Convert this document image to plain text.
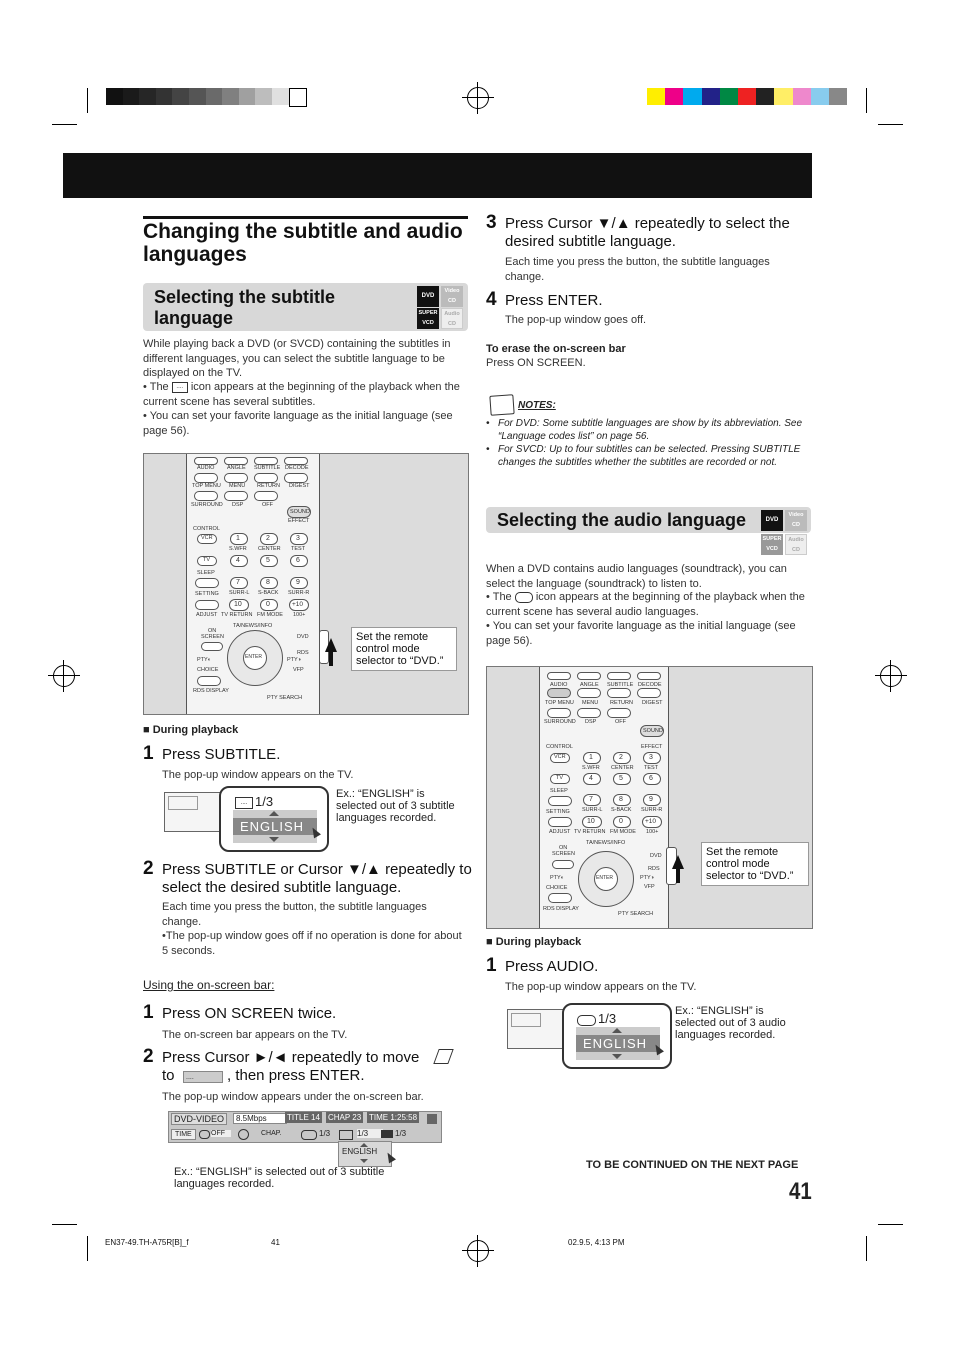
Changing the subtitle and audio languages
Selecting the subtitle
language
DVD
Video CD
SUPER VCD
Audio CD
While playing back a DVD (or SVCD) containing the subtitles in different languages, you can select the subtitle language to be displayed on the TV.
• The .... icon appears at the beginning of the playback when the current scene has several subtitles.
• You can set your favorite language as the initial language (see page 56).
AUDIO ANGLE SUBTITLE DECODE
TOP MENU MENU RETURN DIGEST
SURROUND DSP	OFF
SOUND
CONTROL
EFFECT
VCR
TV
1	2	3
S.WFR CENTER TEST
4	5	6
SLEEP
7	8	9
SETTING SURR-L S-BACK SURR-R
10	0	+10
ADJUST TV RETURN FM MODE 100+
TA/NEWS/INFO
ON
SCREEN
ENTER
PTY◐	PTY◑
DVD
RDS
CHOICE	VFP
RDS DISPLAY
PTY SEARCH
Set the remote control mode selector to “DVD.”
■ During playback
1 Press SUBTITLE.
The pop-up window appears on the TV.
.... 1/3
ENGLISH
Ex.: “ENGLISH” is selected out of 3 subtitle languages recorded.
2 Press SUBTITLE or Cursor ▼/▲ repeatedly to select the desired subtitle language.
Each time you press the button, the subtitle languages change.
•The pop-up window goes off if no operation is done for about 5 seconds.
Using the on-screen bar:
1 Press ON SCREEN twice.
The on-screen bar appears on the TV.
2 Press Cursor ►/◄ repeatedly to move
to	....	, then press ENTER.
The pop-up window appears under the on-screen bar.
DVD-VIDEO	8.5Mbps	TITLE 14 CHAP 23 TIME 1:25:58
TIME	OFF	CHAP.	1/3	1/3	1/3
ENGLISH
Ex.: “ENGLISH” is selected out of 3 subtitle languages recorded.
3 Press Cursor ▼/▲ repeatedly to select the desired subtitle language.
Each time you press the button, the subtitle languages change.
4 Press ENTER.
The pop-up window goes off.
To erase the on-screen bar
Press ON SCREEN.
NOTES:
• For DVD: Some subtitle languages are show by its abbreviation. See “Language codes list” on page 56.
• For SVCD: Up to four subtitles can be selected. Pressing SUBTITLE changes the subtitles whether the subtitles are recorded or not.
Selecting the audio language	DVD
Video CD
SUPER VCD
Audio CD
When a DVD contains audio languages (soundtrack), you can select the language (soundtrack) to listen to.
• The icon appears at the beginning of the playback when the current scene has several audio languages.
• You can set your favorite language as the initial language (see page 56).
AUDIO ANGLE SUBTITLE DECODE
TOP MENU MENU RETURN DIGEST
SURROUND DSP	OFF
SOUND
CONTROL	EFFECT
VCR
TV
1	2	3
S.WFR CENTER TEST
4	5	6
SLEEP
7	8	9
SETTING SURR-L S-BACK SURR-R
10	0	+10
ADJUST TV RETURN FM MODE 100+
TA/NEWS/INFO
ON
SCREEN
ENTER
PTY◐	PTY◑
DVD
RDS
CHOICE	VFP
RDS DISPLAY
PTY SEARCH
Set the remote control mode selector to “DVD.”
■ During playback
1 Press AUDIO.
The pop-up window appears on the TV.
1/3
ENGLISH
Ex.: “ENGLISH” is selected out of 3 audio languages recorded.
TO BE CONTINUED ON THE NEXT PAGE
41
EN37-49.TH-A75R[B]_f	41	02.9.5, 4:13 PM
